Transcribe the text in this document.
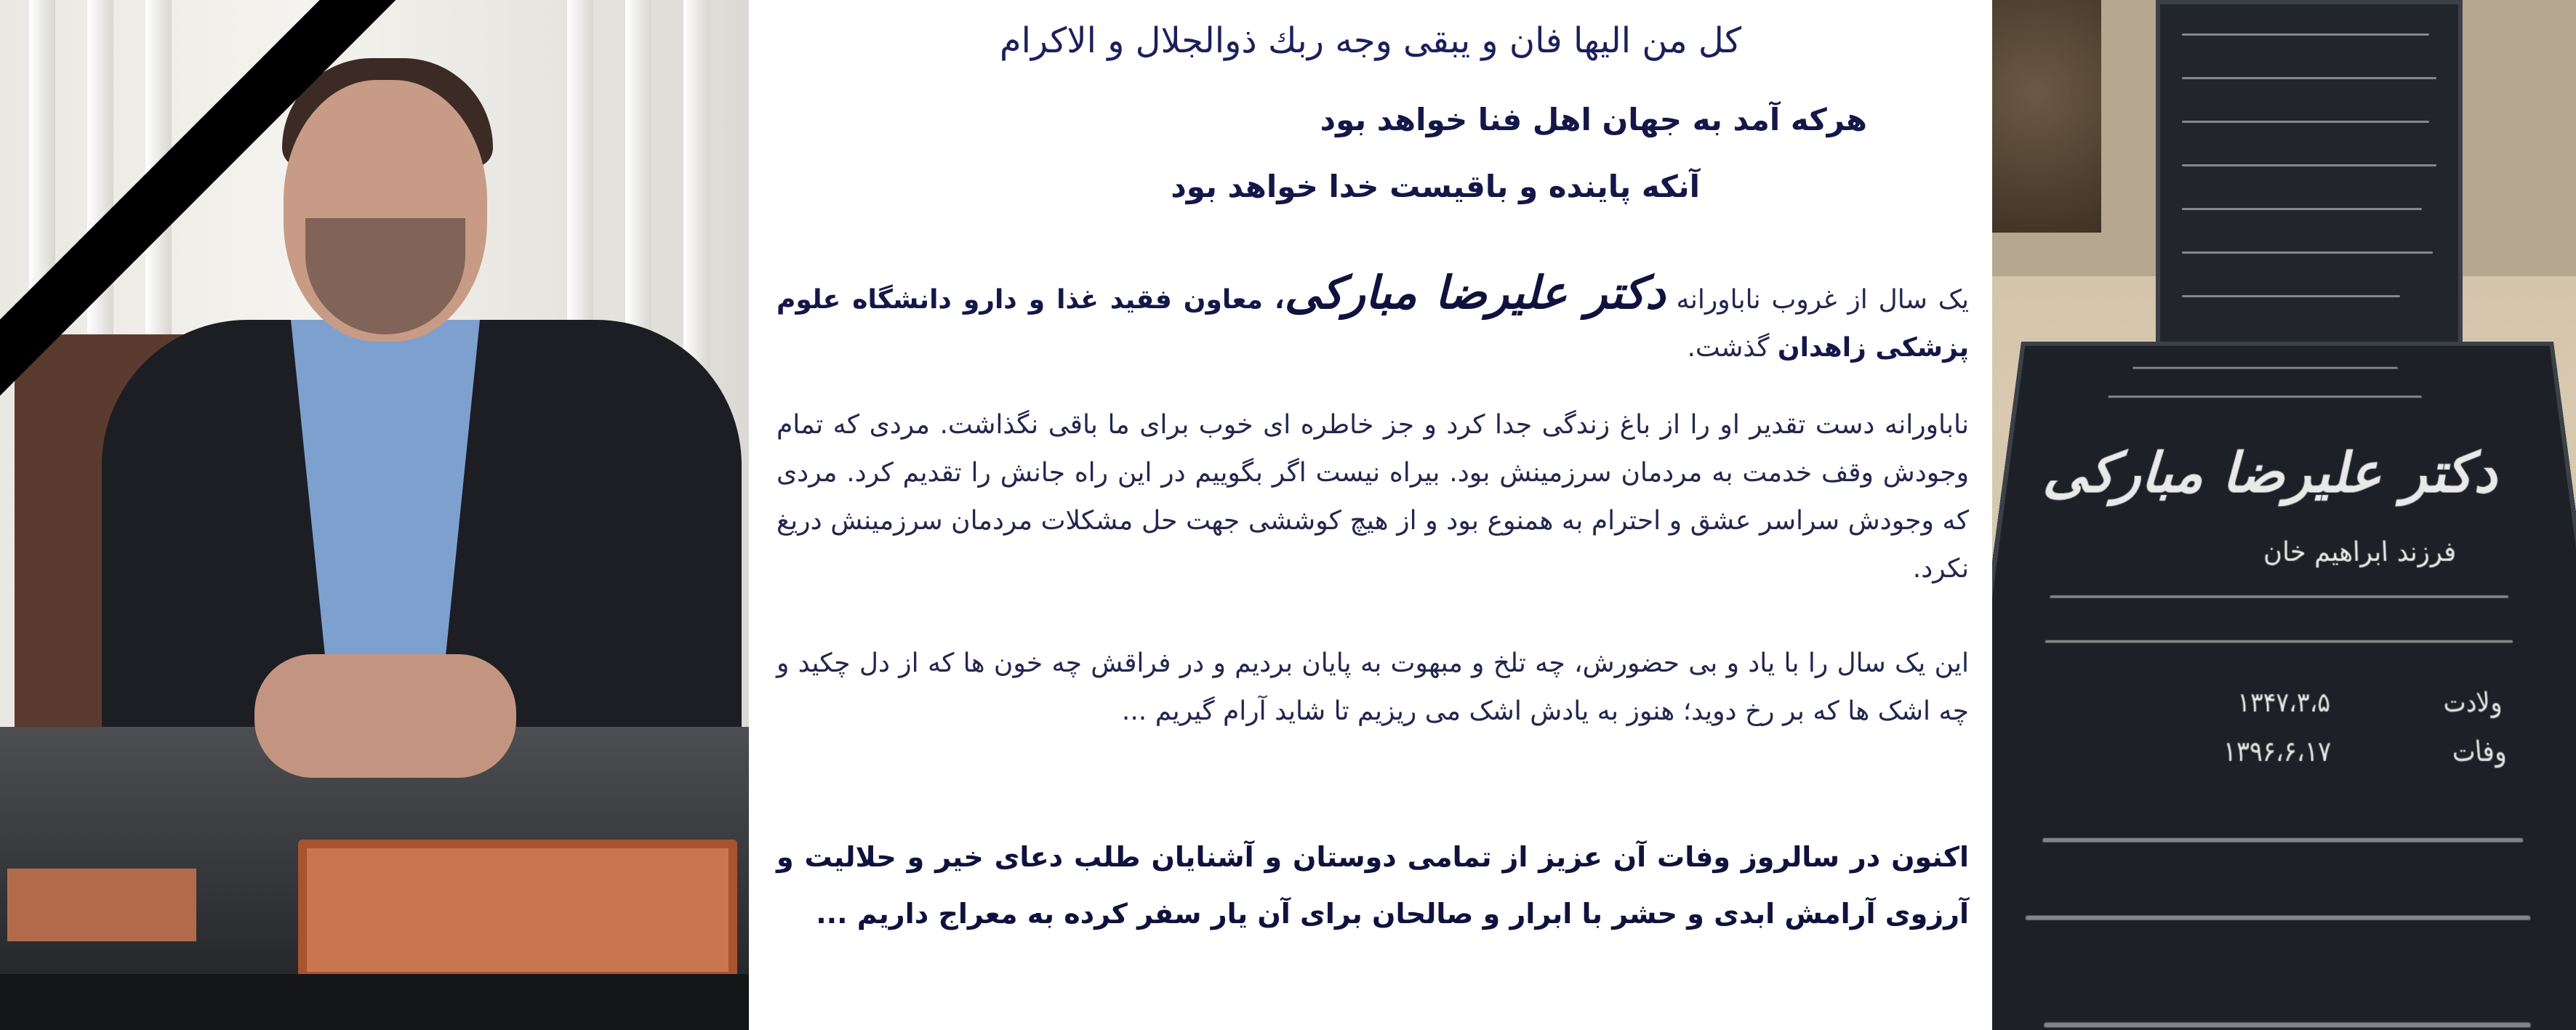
كل من اليها فان و يبقى وجه ربك ذوالجلال و الاكرام
هرکه آمد به جهان اهل فنا خواهد بود
آنکه پاینده و باقیست خدا خواهد بود
یک سال از غروب ناباورانه دکتر علیرضا مبارکی، معاون فقید غذا و دارو دانشگاه علوم پزشکی زاهدان گذشت.
ناباورانه دست تقدیر او را از باغ زندگی جدا کرد و جز خاطره ای خوب برای ما باقی نگذاشت. مردی که تمام وجودش وقف خدمت به مردمان سرزمینش بود. بیراه نیست اگر بگوییم در این راه جانش را تقدیم کرد. مردی که وجودش سراسر عشق و احترام به همنوع بود و از هیچ کوششی جهت حل مشکلات مردمان سرزمینش دریغ نکرد.
این یک سال را با یاد و بی حضورش، چه تلخ و مبهوت به پایان بردیم و در فراقش چه خون ها که از دل چکید و چه اشک ها که بر رخ دوید؛ هنوز به یادش اشک می ریزیم تا شاید آرام گیریم ...
اکنون در سالروز وفات آن عزیز از تمامی دوستان و آشنایان طلب دعای خیر و حلالیت و آرزوی آرامش ابدی و حشر با ابرار و صالحان برای آن یار سفر کرده به معراج داریم ...
دکتر علیرضا مبارکی
فرزند ابراهیم خان
ولادت
۱۳۴۷،۳،۵
وفات
۱۳۹۶،۶،۱۷
